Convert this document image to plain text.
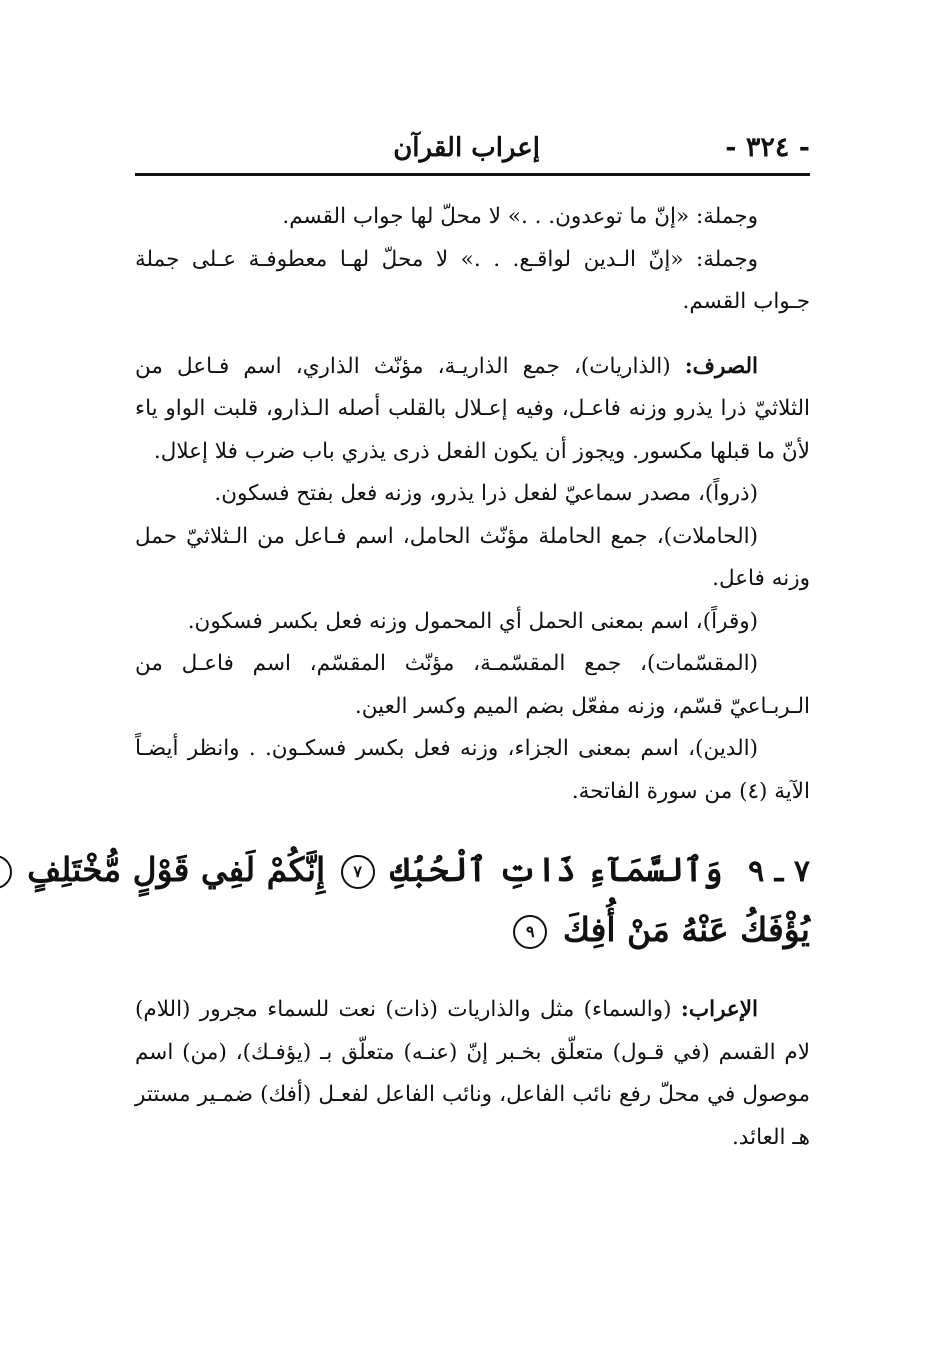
- ٣٢٤ -
إعراب القرآن

وجملة: «إنّ ما توعدون. . .» لا محلّ لها جواب القسم.

وجملة: «إنّ الـدين لواقـع. . .» لا محلّ لهـا معطوفـة عـلى جملة جـواب القسم.

الصرف: (الذاريات)، جمع الذاريـة، مؤنّث الذاري، اسم فـاعل من الثلاثيّ ذرا يذرو وزنه فاعـل، وفيه إعـلال بالقلب أصله الـذارو، قلبت الواو ياء لأنّ ما قبلها مكسور. ويجوز أن يكون الفعل ذرى يذري باب ضرب فلا إعلال.

(ذرواً)، مصدر سماعيّ لفعل ذرا يذرو، وزنه فعل بفتح فسكون.

(الحاملات)، جمع الحاملة مؤنّث الحامل، اسم فـاعل من الـثلاثيّ حمل وزنه فاعل.

(وقراً)، اسم بمعنى الحمل أي المحمول وزنه فعل بكسر فسكون.

(المقسّمات)، جمع المقسّمـة، مؤنّث المقسّم، اسم فاعـل من الـربـاعيّ قسّم، وزنه مفعّل بضم الميم وكسر العين.

(الدين)، اسم بمعنى الجزاء، وزنه فعل بكسر فسكـون. . وانظر أيضـاً الآية (٤) من سورة الفاتحة.

٧ ـ ٩ وَٱلسَّمَآءِ ذَاتِ ٱلْحُبُكِ ٧ إِنَّكُمْ لَفِي قَوْلٍ مُّخْتَلِفٍ
يُؤْفَكُ عَنْهُ مَنْ أُفِكَ ٩

الإعراب: (والسماء) مثل والذاريات (ذات) نعت للسماء مجرور (اللام) لام القسم (في قـول) متعلّق بخـبر إنّ (عنـه) متعلّق بـ (يؤفـك)، (من) اسم موصول في محلّ رفع نائب الفاعل، ونائب الفاعل لفعـل (أفك) ضمـير مستتر هـ العائد.
